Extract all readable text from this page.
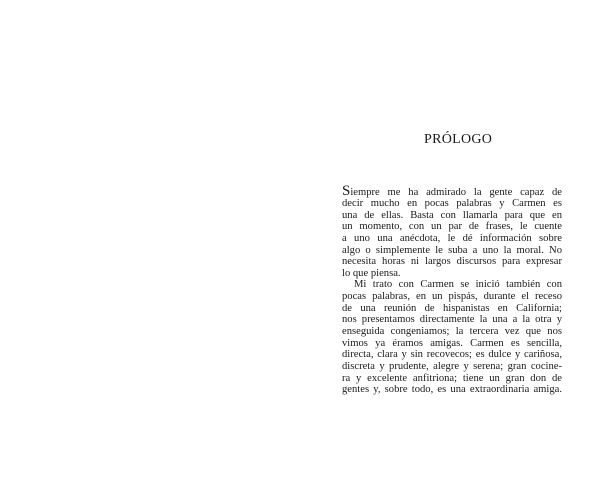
PRÓLOGO
Siempre me ha admirado la gente capaz de
decir mucho en pocas palabras y Carmen es
una de ellas. Basta con llamarla para que en
un momento, con un par de frases, le cuente
a uno una anécdota, le dé información sobre
algo o simplemente le suba a uno la moral. No
necesita horas ni largos discursos para expresar
lo que piensa.
Mi trato con Carmen se inició también con
pocas palabras, en un pispás, durante el receso
de una reunión de hispanistas en California;
nos presentamos directamente la una a la otra y
enseguida congeniamos; la tercera vez que nos
vimos ya éramos amigas. Carmen es sencilla,
directa, clara y sin recovecos; es dulce y cariñosa,
discreta y prudente, alegre y serena; gran cocine-
ra y excelente anfitriona; tiene un gran don de
gentes y, sobre todo, es una extraordinaria amiga.
